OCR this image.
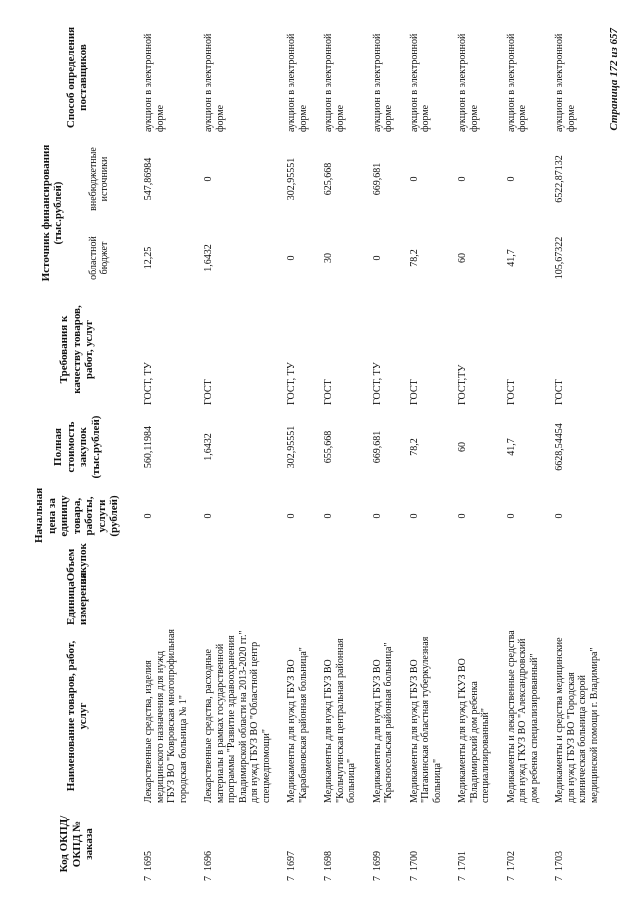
Код ОКПД/ ОКПД № заказа	Наименование товаров, работ, услуг	Единица измерения	Объем закупок	Начальная цена за единицу товара, работы, услуги (рублей)	Полная стоимость закупок (тыс.рублей)	Требования к качеству товаров, работ, услуг	Источник финансирования (тыс.рублей)		Способ определения поставщиков
							областной бюджет	внебюджетные источники	
71695	Лекарственные средства, изделия медицинского назначения для нужд ГБУЗ ВО "Ковровская многопрофильная городская больница № 1"			0	560,11984	ГОСТ, ТУ	12,25	547,86984	аукцион в электронной форме
71696	Лекарственные средства, расходные материалы в рамках государственной программы "Развитие здравоохранения Владимирской области на 2013-2020 гг." для нужд ГБУЗ ВО "Областной центр спецмедпомощи"			0	1,6432	ГОСТ	1,6432	0	аукцион в электронной форме
71697	Медикаменты для нужд ГБУЗ ВО "Карабановская районная больница"			0	302,95551	ГОСТ, ТУ	0	302,95551	аукцион в электронной форме
71698	Медикаменты для нужд ГБУЗ ВО "Кольчугинская центральная районная больница"			0	655,668	ГОСТ	30	625,668	аукцион в электронной форме
71699	Медикаменты для нужд ГБУЗ ВО "Красносельская районная больница"			0	669,681	ГОСТ, ТУ	0	669,681	аукцион в электронной форме
71700	Медикаменты для нужд ГБУЗ ВО "Патакинская областная туберкулезная больница"			0	78,2	ГОСТ	78,2	0	аукцион в электронной форме
71701	Медикаменты для нужд ГКУЗ ВО "Владимирский дом ребенка специализированный"			0	60	ГОСТ,ТУ	60	0	аукцион в электронной форме
71702	Медикаменты и лекарственные средства для нужд ГКУЗ ВО "Александровский дом ребенка специализированный"			0	41,7	ГОСТ	41,7	0	аукцион в электронной форме
71703	Медикаменты и средства медицинские для нужд ГБУЗ ВО "Городская клиническая больница скорой медицинской помощи г. Владимира"			0	6628,54454	ГОСТ	105,67322	6522,87132	аукцион в электронной форме	Страница 172 из 657
